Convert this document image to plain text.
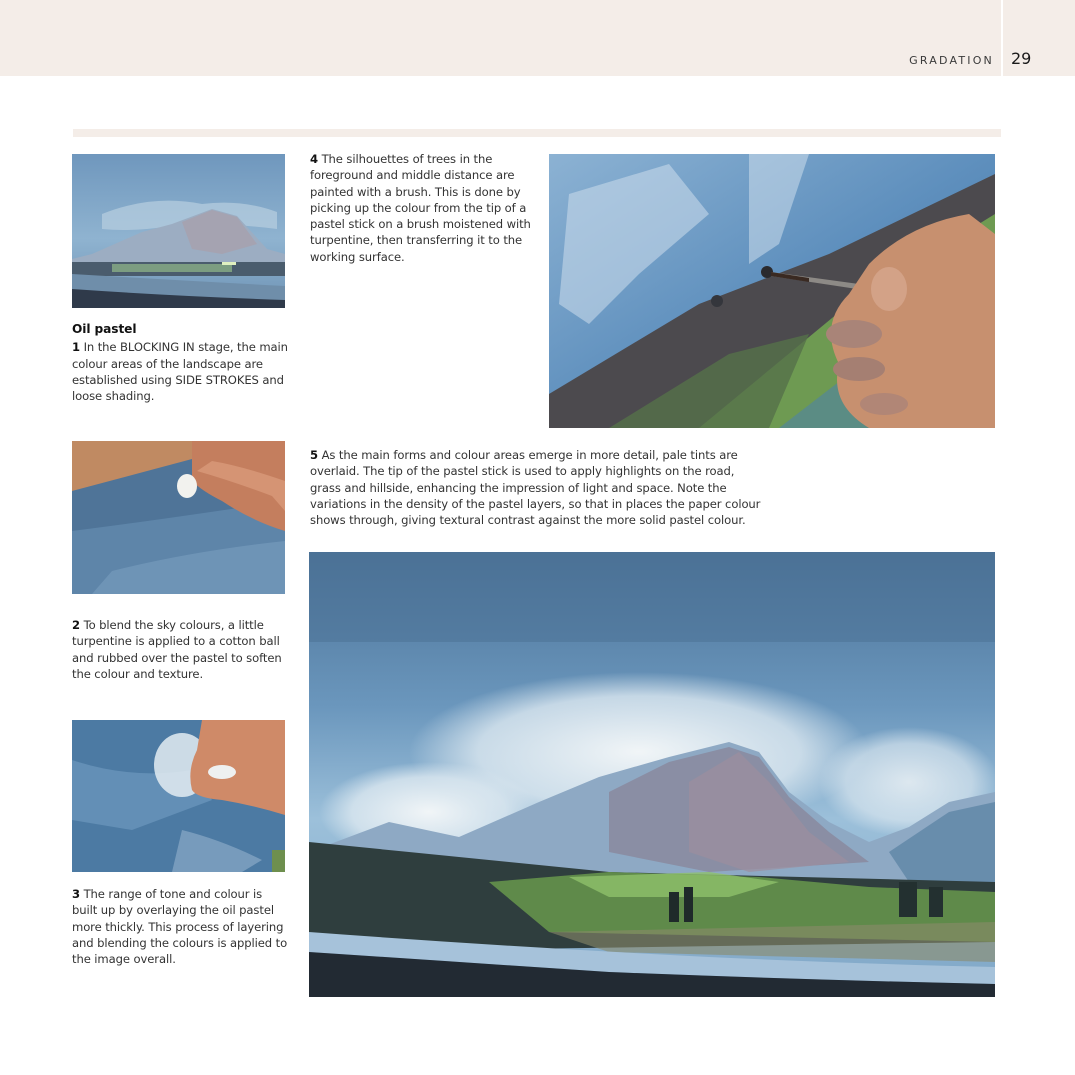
GRADATION 29
Oil pastel
1 In the BLOCKING IN stage, the main colour areas of the landscape are established using SIDE STROKES and loose shading.
2 To blend the sky colours, a little turpentine is applied to a cotton ball and rubbed over the pastel to soften the colour and texture.
3 The range of tone and colour is built up by overlaying the oil pastel more thickly. This process of layering and blending the colours is applied to the image overall.
4 The silhouettes of trees in the foreground and middle distance are painted with a brush. This is done by picking up the colour from the tip of a pastel stick on a brush moistened with turpentine, then transferring it to the working surface.
5 As the main forms and colour areas emerge in more detail, pale tints are overlaid. The tip of the pastel stick is used to apply highlights on the road, grass and hillside, enhancing the impression of light and space. Note the variations in the density of the pastel layers, so that in places the paper colour shows through, giving textural contrast against the more solid pastel colour.
